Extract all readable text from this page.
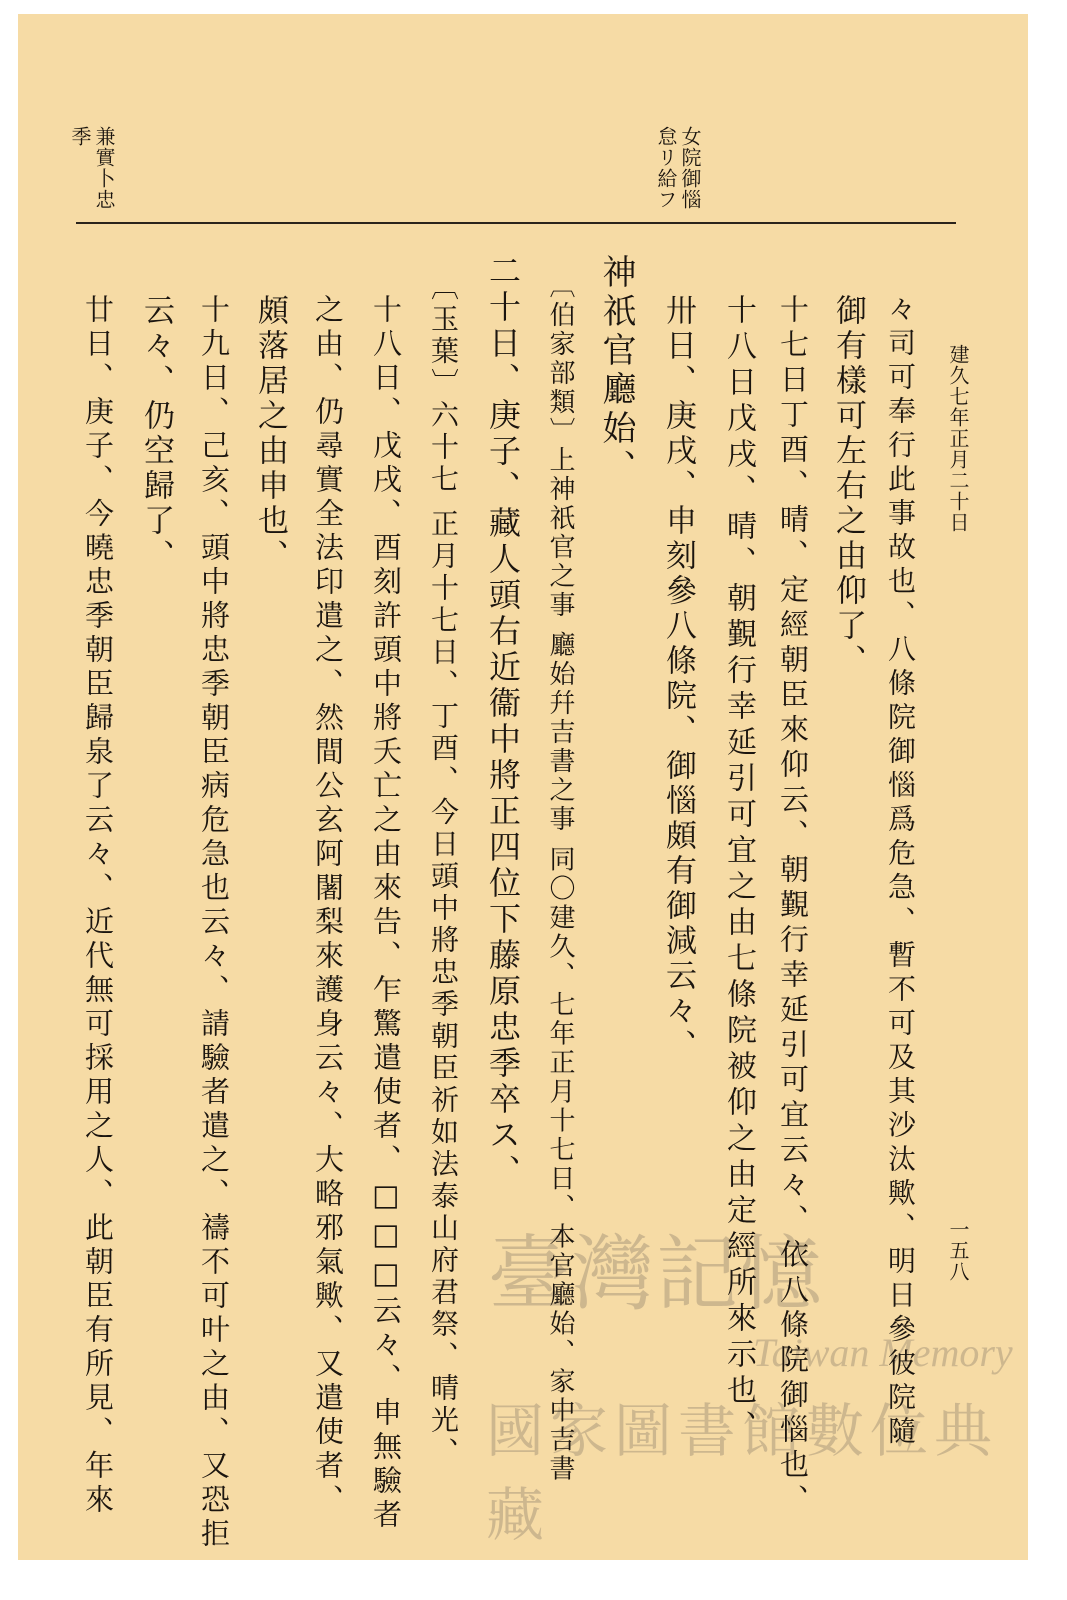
建久七年正月二十日
一五八
女院御惱
怠リ給フ
兼實卜忠
季
臺灣記憶
Taiwan Memory
國家圖書館數位典藏
々司可奉行此事故也、八條院御惱爲危急、暫不可及其沙汰歟、明日參彼院隨
御有樣可左右之由仰了、
十七日丁酉、晴、定經朝臣來仰云、朝覲行幸延引可宜云々、依八條院御惱也、
十八日戊戌、晴、朝覲行幸延引可宜之由七條院被仰之由定經所來示也、
卅日、庚戌、申刻參八條院、御惱頗有御減云々、
神祇官廳始、
〔伯家部類〕上神祇官之事 廳始幷吉書之事 同〇建久、七年正月十七日、本官廳始、家中吉書
二十日、庚子、藏人頭右近衞中將正四位下藤原忠季卒ス、
〔玉葉〕六十七 正月十七日、丁酉、今日頭中將忠季朝臣祈如法泰山府君祭、晴光、
十八日、戊戌、酉刻許頭中將夭亡之由來告、乍驚遣使者、□□□云々、申無驗者
之由、仍尋實全法印遣之、然間公玄阿闍梨來護身云々、大略邪氣歟、又遣使者、
頗落居之由申也、
十九日、己亥、頭中將忠季朝臣病危急也云々、請驗者遣之、禱不可叶之由、又恐拒
云々、仍空歸了、
廿日、庚子、今曉忠季朝臣歸泉了云々、近代無可採用之人、此朝臣有所見、年來
